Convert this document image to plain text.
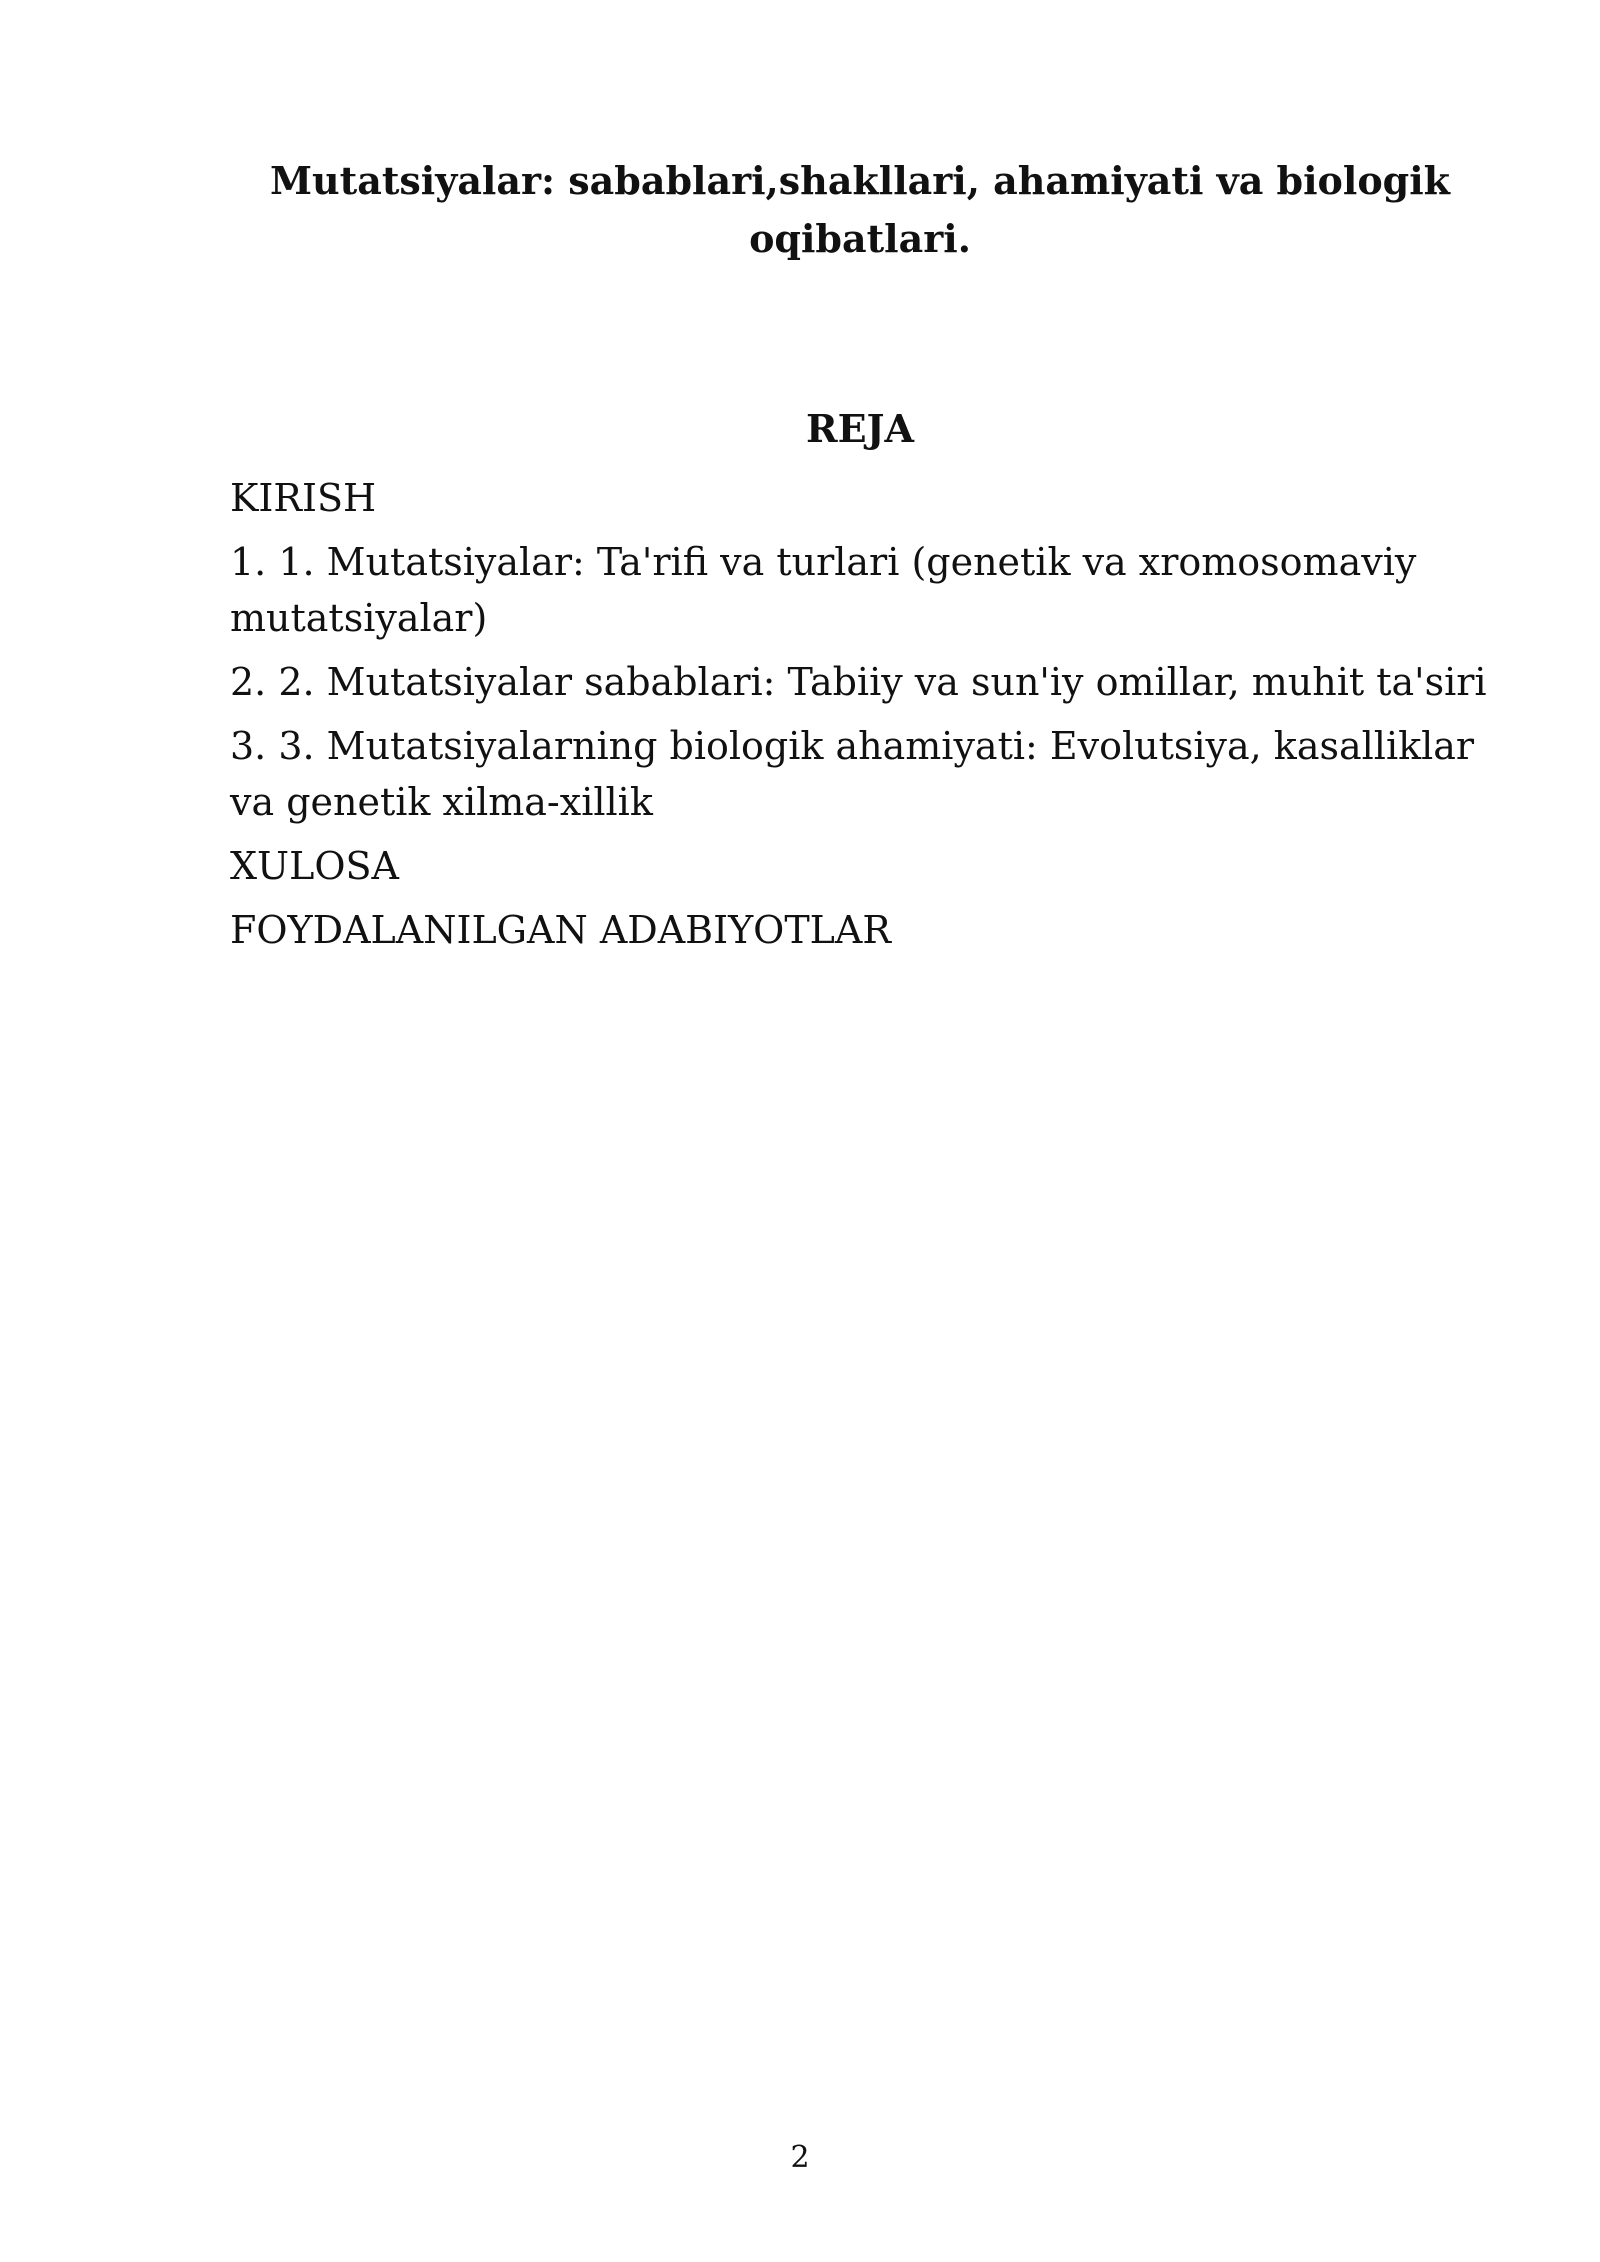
Mutatsiyalar: sabablari,shakllari, ahamiyati va biologik oqibatlari.
REJA
KIRISH
1. 1. Mutatsiyalar: Ta'rifi va turlari (genetik va xromosomaviy mutatsiyalar)
2. 2. Mutatsiyalar sabablari: Tabiiy va sun'iy omillar, muhit ta'siri
3. 3. Mutatsiyalarning biologik ahamiyati: Evolutsiya, kasalliklar va genetik xilma-xillik
XULOSA
FOYDALANILGAN ADABIYOTLAR
2
